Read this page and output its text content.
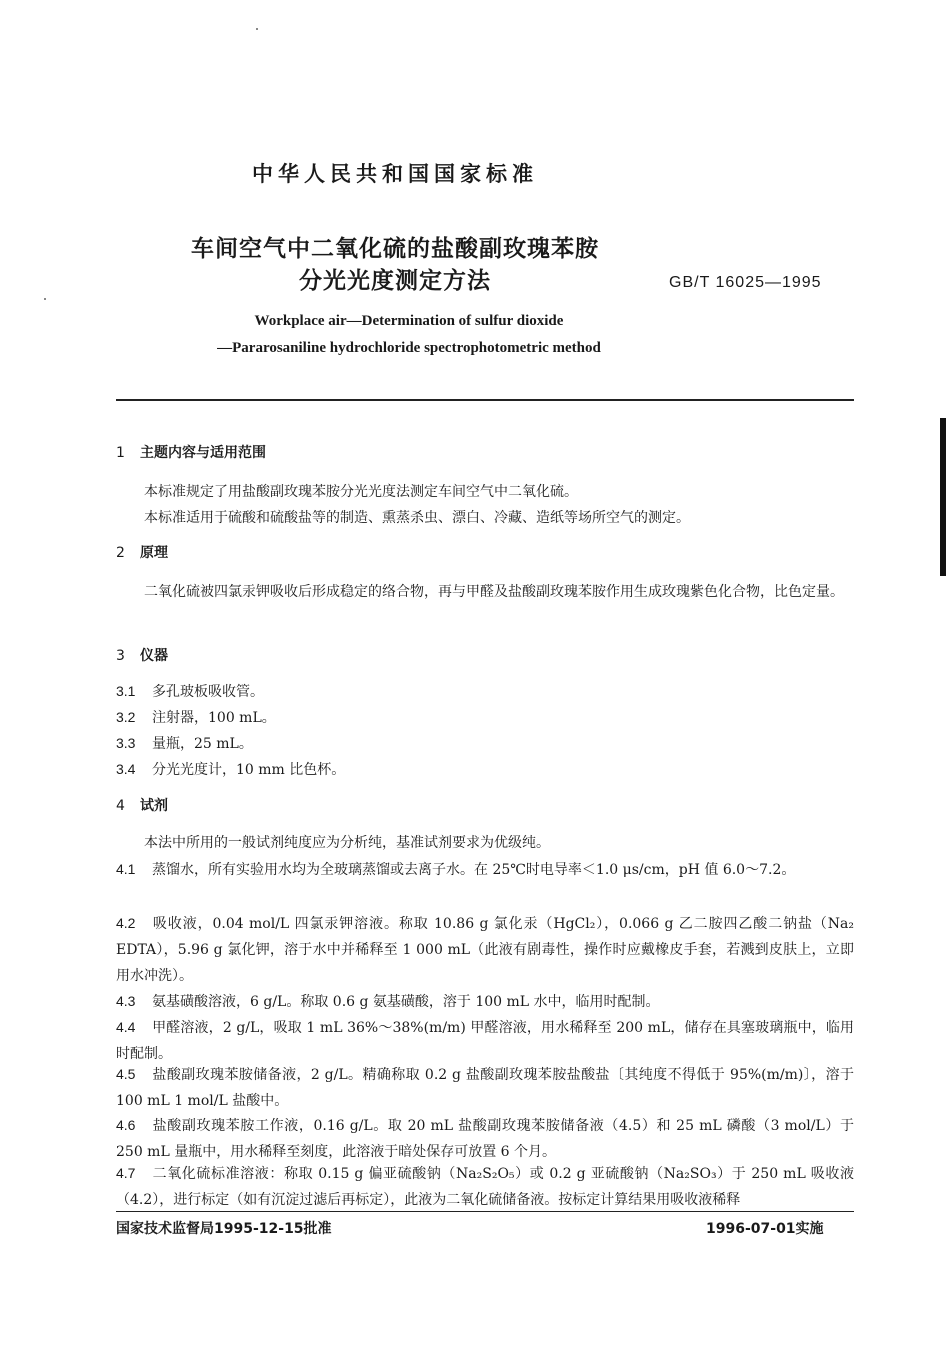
中华人民共和国国家标准
车间空气中二氧化硫的盐酸副玫瑰苯胺
分光光度测定方法	GB/T 16025—1995
Workplace air—Determination of sulfur dioxide
—Pararosaniline hydrochloride spectrophotometric method
1 主题内容与适用范围
本标准规定了用盐酸副玫瑰苯胺分光光度法测定车间空气中二氧化硫。
本标准适用于硫酸和硫酸盐等的制造、熏蒸杀虫、漂白、冷藏、造纸等场所空气的测定。
2 原理
二氧化硫被四氯汞钾吸收后形成稳定的络合物，再与甲醛及盐酸副玫瑰苯胺作用生成玫瑰紫色化合物，比色定量。
3 仪器
3.1 多孔玻板吸收管。
3.2 注射器，100 mL。
3.3 量瓶，25 mL。
3.4 分光光度计，10 mm 比色杯。
4 试剂
本法中所用的一般试剂纯度应为分析纯，基准试剂要求为优级纯。
4.1 蒸馏水，所有实验用水均为全玻璃蒸馏或去离子水。在 25℃时电导率＜1.0 μs/cm，pH 值 6.0～7.2。
4.2 吸收液，0.04 mol/L 四氯汞钾溶液。称取 10.86 g 氯化汞（HgCl₂），0.066 g 乙二胺四乙酸二钠盐（Na₂ EDTA），5.96 g 氯化钾，溶于水中并稀释至 1 000 mL（此液有剧毒性，操作时应戴橡皮手套，若溅到皮肤上，立即用水冲洗）。
4.3 氨基磺酸溶液，6 g/L。称取 0.6 g 氨基磺酸，溶于 100 mL 水中，临用时配制。
4.4 甲醛溶液，2 g/L，吸取 1 mL 36%～38%(m/m) 甲醛溶液，用水稀释至 200 mL，储存在具塞玻璃瓶中，临用时配制。
4.5 盐酸副玫瑰苯胺储备液，2 g/L。精确称取 0.2 g 盐酸副玫瑰苯胺盐酸盐〔其纯度不得低于 95%(m/m)〕，溶于 100 mL 1 mol/L 盐酸中。
4.6 盐酸副玫瑰苯胺工作液，0.16 g/L。取 20 mL 盐酸副玫瑰苯胺储备液（4.5）和 25 mL 磷酸（3 mol/L）于 250 mL 量瓶中，用水稀释至刻度，此溶液于暗处保存可放置 6 个月。
4.7 二氧化硫标准溶液：称取 0.15 g 偏亚硫酸钠（Na₂S₂O₅）或 0.2 g 亚硫酸钠（Na₂SO₃）于 250 mL 吸收液（4.2），进行标定（如有沉淀过滤后再标定），此液为二氧化硫储备液。按标定计算结果用吸收液稀释
国家技术监督局1995-12-15批准	1996-07-01实施
